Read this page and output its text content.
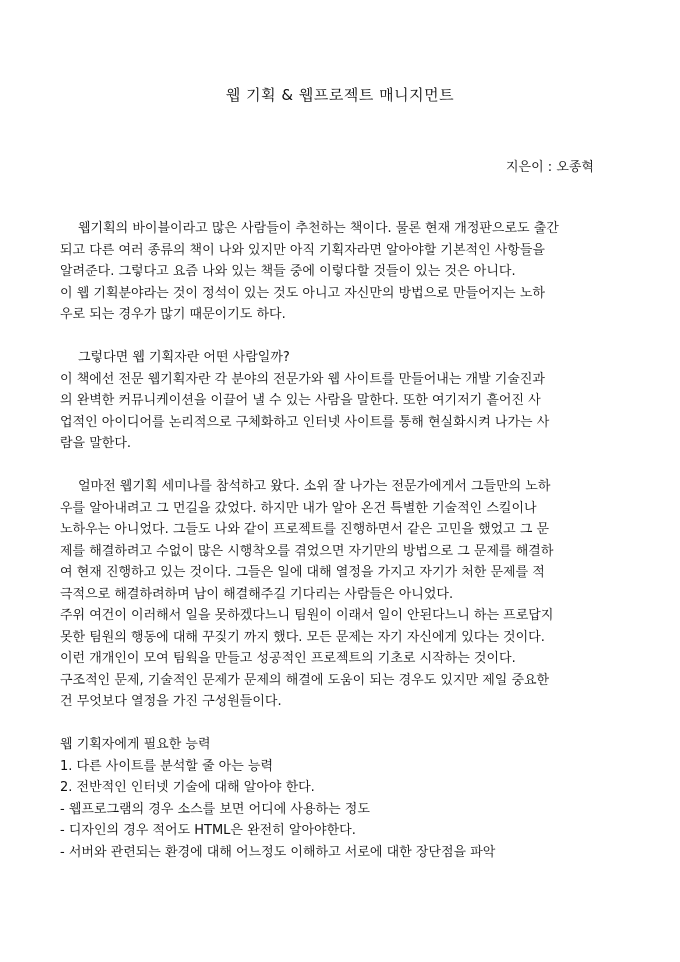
웹 기획 & 웹프로젝트 매니지먼트
지은이 : 오종혁
웹기획의 바이블이라고 많은 사람들이 추천하는 책이다. 물론 현재 개정판으로도 출간
되고 다른 여러 종류의 책이 나와 있지만 아직 기획자라면 알아야할 기본적인 사항들을
알려준다. 그렇다고 요즘 나와 있는 책들 중에 이렇다할 것들이 있는 것은 아니다.
이 웹 기획분야라는 것이 정석이 있는 것도 아니고 자신만의 방법으로 만들어지는 노하
우로 되는 경우가 많기 때문이기도 하다.
그렇다면 웹 기획자란 어떤 사람일까?
이 책에선 전문 웹기획자란 각 분야의 전문가와 웹 사이트를 만들어내는 개발 기술진과
의 완벽한 커뮤니케이션을 이끌어 낼 수 있는 사람을 말한다. 또한 여기저기 흩어진 사
업적인 아이디어를 논리적으로 구체화하고 인터넷 사이트를 통해 현실화시켜 나가는 사
람을 말한다.
얼마전 웹기획 세미나를 참석하고 왔다. 소위 잘 나가는 전문가에게서 그들만의 노하
우를 알아내려고 그 먼길을 갔었다. 하지만 내가 알아 온건 특별한 기술적인 스킬이나
노하우는 아니었다. 그들도 나와 같이 프로젝트를 진행하면서 같은 고민을 했었고 그 문
제를 해결하려고 수없이 많은 시행착오를 겪었으면 자기만의 방법으로 그 문제를 해결하
여 현재 진행하고 있는 것이다. 그들은 일에 대해 열정을 가지고 자기가 처한 문제를 적
극적으로 해결하려하며 남이 해결해주길 기다리는 사람들은 아니었다.
주위 여건이 이러해서 일을 못하겠다느니 팀원이 이래서 일이 안된다느니 하는 프로답지
못한 팀원의 행동에 대해 꾸짖기 까지 했다. 모든 문제는 자기 자신에게 있다는 것이다.
이런 개개인이 모여 팀웍을 만들고 성공적인 프로젝트의 기초로 시작하는 것이다.
구조적인 문제, 기술적인 문제가 문제의 해결에 도움이 되는 경우도 있지만 제일 중요한
건 무엇보다 열정을 가진 구성원들이다.
웹 기획자에게 필요한 능력
1. 다른 사이트를 분석할 줄 아는 능력
2. 전반적인 인터넷 기술에 대해 알아야 한다.
- 웹프로그램의 경우 소스를 보면 어디에 사용하는 정도
- 디자인의 경우 적어도 HTML은 완전히 알아야한다.
- 서버와 관련되는 환경에 대해 어느정도 이해하고 서로에 대한 장단점을 파악
